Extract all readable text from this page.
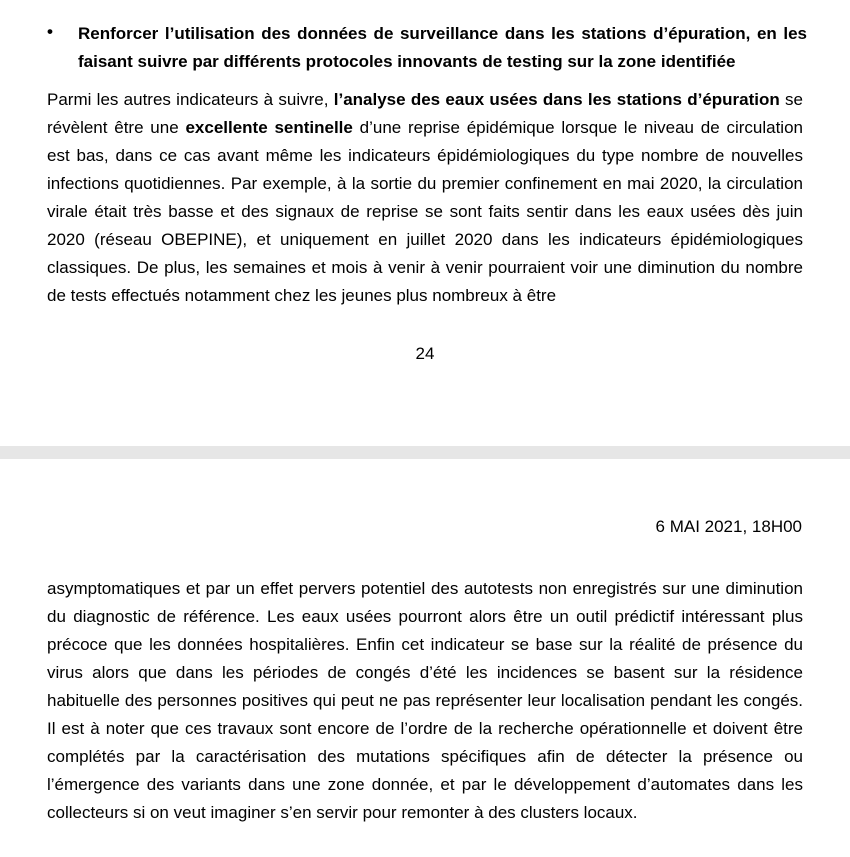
• Renforcer l’utilisation des données de surveillance dans les stations d’épuration, en les faisant suivre par différents protocoles innovants de testing sur la zone identifiée
Parmi les autres indicateurs à suivre, l’analyse des eaux usées dans les stations d’épuration se révèlent être une excellente sentinelle d’une reprise épidémique lorsque le niveau de circulation est bas, dans ce cas avant même les indicateurs épidémiologiques du type nombre de nouvelles infections quotidiennes. Par exemple, à la sortie du premier confinement en mai 2020, la circulation virale était très basse et des signaux de reprise se sont faits sentir dans les eaux usées dès juin 2020 (réseau OBEPINE), et uniquement en juillet 2020 dans les indicateurs épidémiologiques classiques. De plus, les semaines et mois à venir à venir pourraient voir une diminution du nombre de tests effectués notamment chez les jeunes plus nombreux à être
24
6 MAI 2021, 18H00
asymptomatiques et par un effet pervers potentiel des autotests non enregistrés sur une diminution du diagnostic de référence. Les eaux usées pourront alors être un outil prédictif intéressant plus précoce que les données hospitalières. Enfin cet indicateur se base sur la réalité de présence du virus alors que dans les périodes de congés d’été les incidences se basent sur la résidence habituelle des personnes positives qui peut ne pas représenter leur localisation pendant les congés. Il est à noter que ces travaux sont encore de l’ordre de la recherche opérationnelle et doivent être complétés par la caractérisation des mutations spécifiques afin de détecter la présence ou l’émergence des variants dans une zone donnée, et par le développement d’automates dans les collecteurs si on veut imaginer s’en servir pour remonter à des clusters locaux.
